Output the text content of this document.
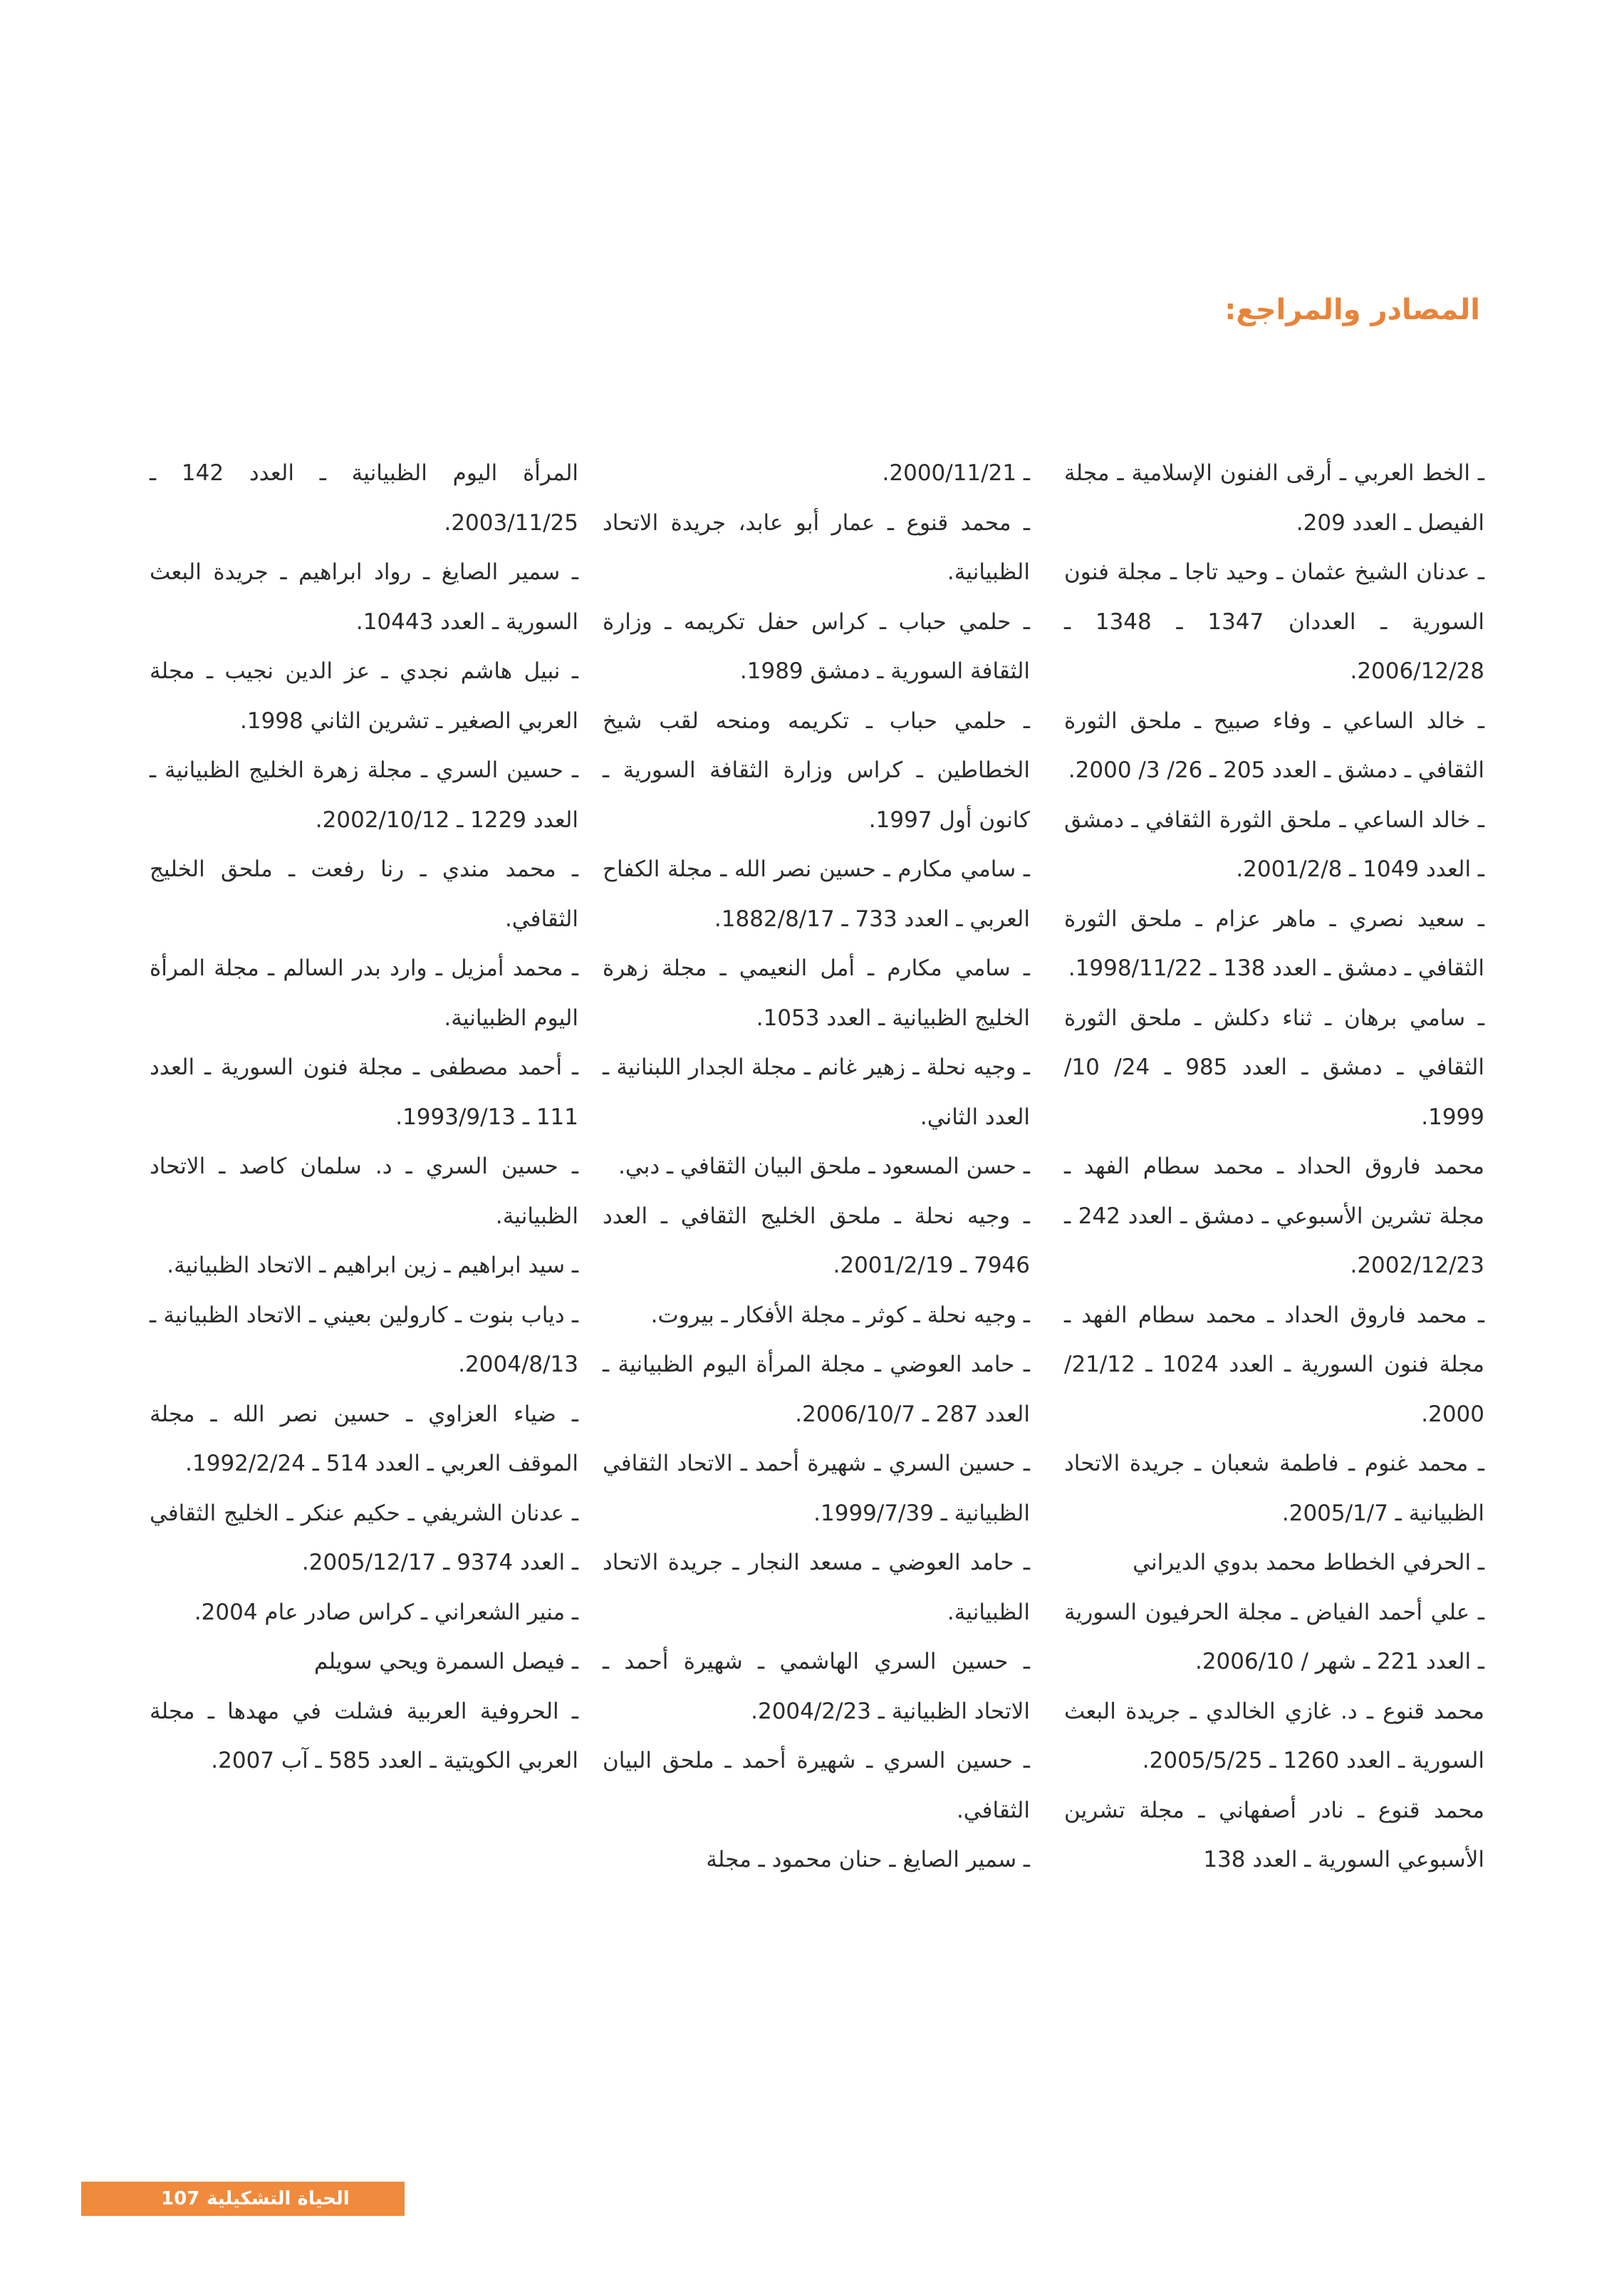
المصادر والمراجع:

ـ الخط العربي ـ أرقى الفنون الإسلامية ـ مجلة الفيصل ـ العدد 209.

ـ عدنان الشيخ عثمان ـ وحيد تاجا ـ مجلة فنون السورية ـ العددان 1347 ـ 1348 ـ 2006/12/28.

ـ خالد الساعي ـ وفاء صبيح ـ ملحق الثورة الثقافي ـ دمشق ـ العدد 205 ـ 26/ 3/ 2000.

ـ خالد الساعي ـ ملحق الثورة الثقافي ـ دمشق ـ العدد 1049 ـ 2001/2/8.

ـ سعيد نصري ـ ماهر عزام ـ ملحق الثورة الثقافي ـ دمشق ـ العدد 138 ـ 1998/11/22.

ـ سامي برهان ـ ثناء دكلش ـ ملحق الثورة الثقافي ـ دمشق ـ العدد 985 ـ 24/ 10/ 1999.

محمد فاروق الحداد ـ محمد سطام الفهد ـ مجلة تشرين الأسبوعي ـ دمشق ـ العدد 242 ـ 2002/12/23.

ـ محمد فاروق الحداد ـ محمد سطام الفهد ـ مجلة فنون السورية ـ العدد 1024 ـ 21/12/ 2000.

ـ محمد غنوم ـ فاطمة شعبان ـ جريدة الاتحاد الظبيانية ـ 2005/1/7.

ـ الحرفي الخطاط محمد بدوي الديراني

ـ علي أحمد الفياض ـ مجلة الحرفيون السورية ـ العدد 221 ـ شهر / 2006/10.

محمد قنوع ـ د. غازي الخالدي ـ جريدة البعث السورية ـ العدد 1260 ـ 2005/5/25.

محمد قنوع ـ نادر أصفهاني ـ مجلة تشرين الأسبوعي السورية ـ العدد 138

ـ 2000/11/21.

ـ محمد قنوع ـ عمار أبو عابد، جريدة الاتحاد الظبيانية.

ـ حلمي حباب ـ كراس حفل تكريمه ـ وزارة الثقافة السورية ـ دمشق 1989.

ـ حلمي حباب ـ تكريمه ومنحه لقب شيخ الخطاطين ـ كراس وزارة الثقافة السورية ـ كانون أول 1997.

ـ سامي مكارم ـ حسين نصر الله ـ مجلة الكفاح العربي ـ العدد 733 ـ 1882/8/17.

ـ سامي مكارم ـ أمل النعيمي ـ مجلة زهرة الخليج الظبيانية ـ العدد 1053.

ـ وجيه نحلة ـ زهير غانم ـ مجلة الجدار اللبنانية ـ العدد الثاني.

ـ حسن المسعود ـ ملحق البيان الثقافي ـ دبي.

ـ وجيه نحلة ـ ملحق الخليج الثقافي ـ العدد 7946 ـ 2001/2/19.

ـ وجيه نحلة ـ كوثر ـ مجلة الأفكار ـ بيروت.

ـ حامد العوضي ـ مجلة المرأة اليوم الظبيانية ـ العدد 287 ـ 2006/10/7.

ـ حسين السري ـ شهيرة أحمد ـ الاتحاد الثقافي الظبيانية ـ 1999/7/39.

ـ حامد العوضي ـ مسعد النجار ـ جريدة الاتحاد الظبيانية.

ـ حسين السري الهاشمي ـ شهيرة أحمد ـ الاتحاد الظبيانية ـ 2004/2/23.

ـ حسين السري ـ شهيرة أحمد ـ ملحق البيان الثقافي.

ـ سمير الصايغ ـ حنان محمود ـ مجلة

المرأة اليوم الظبيانية ـ العدد 142 ـ 2003/11/25.

ـ سمير الصايغ ـ رواد ابراهيم ـ جريدة البعث السورية ـ العدد 10443.

ـ نبيل هاشم نجدي ـ عز الدين نجيب ـ مجلة العربي الصغير ـ تشرين الثاني 1998.

ـ حسين السري ـ مجلة زهرة الخليج الظبيانية ـ العدد 1229 ـ 2002/10/12.

ـ محمد مندي ـ رنا رفعت ـ ملحق الخليج الثقافي.

ـ محمد أمزيل ـ وارد بدر السالم ـ مجلة المرأة اليوم الظبيانية.

ـ أحمد مصطفى ـ مجلة فنون السورية ـ العدد 111 ـ 1993/9/13.

ـ حسين السري ـ د. سلمان كاصد ـ الاتحاد الظبيانية.

ـ سيد ابراهيم ـ زين ابراهيم ـ الاتحاد الظبيانية.

ـ دياب بنوت ـ كارولين بعيني ـ الاتحاد الظبيانية ـ 2004/8/13.

ـ ضياء العزاوي ـ حسين نصر الله ـ مجلة الموقف العربي ـ العدد 514 ـ 1992/2/24.

ـ عدنان الشريفي ـ حكيم عنكر ـ الخليج الثقافي ـ العدد 9374 ـ 2005/12/17.

ـ منير الشعراني ـ كراس صادر عام 2004.

ـ فيصل السمرة ويحي سويلم

ـ الحروفية العربية فشلت في مهدها ـ مجلة العربي الكويتية ـ العدد 585 ـ آب 2007.

107 الحياة التشكيلية
